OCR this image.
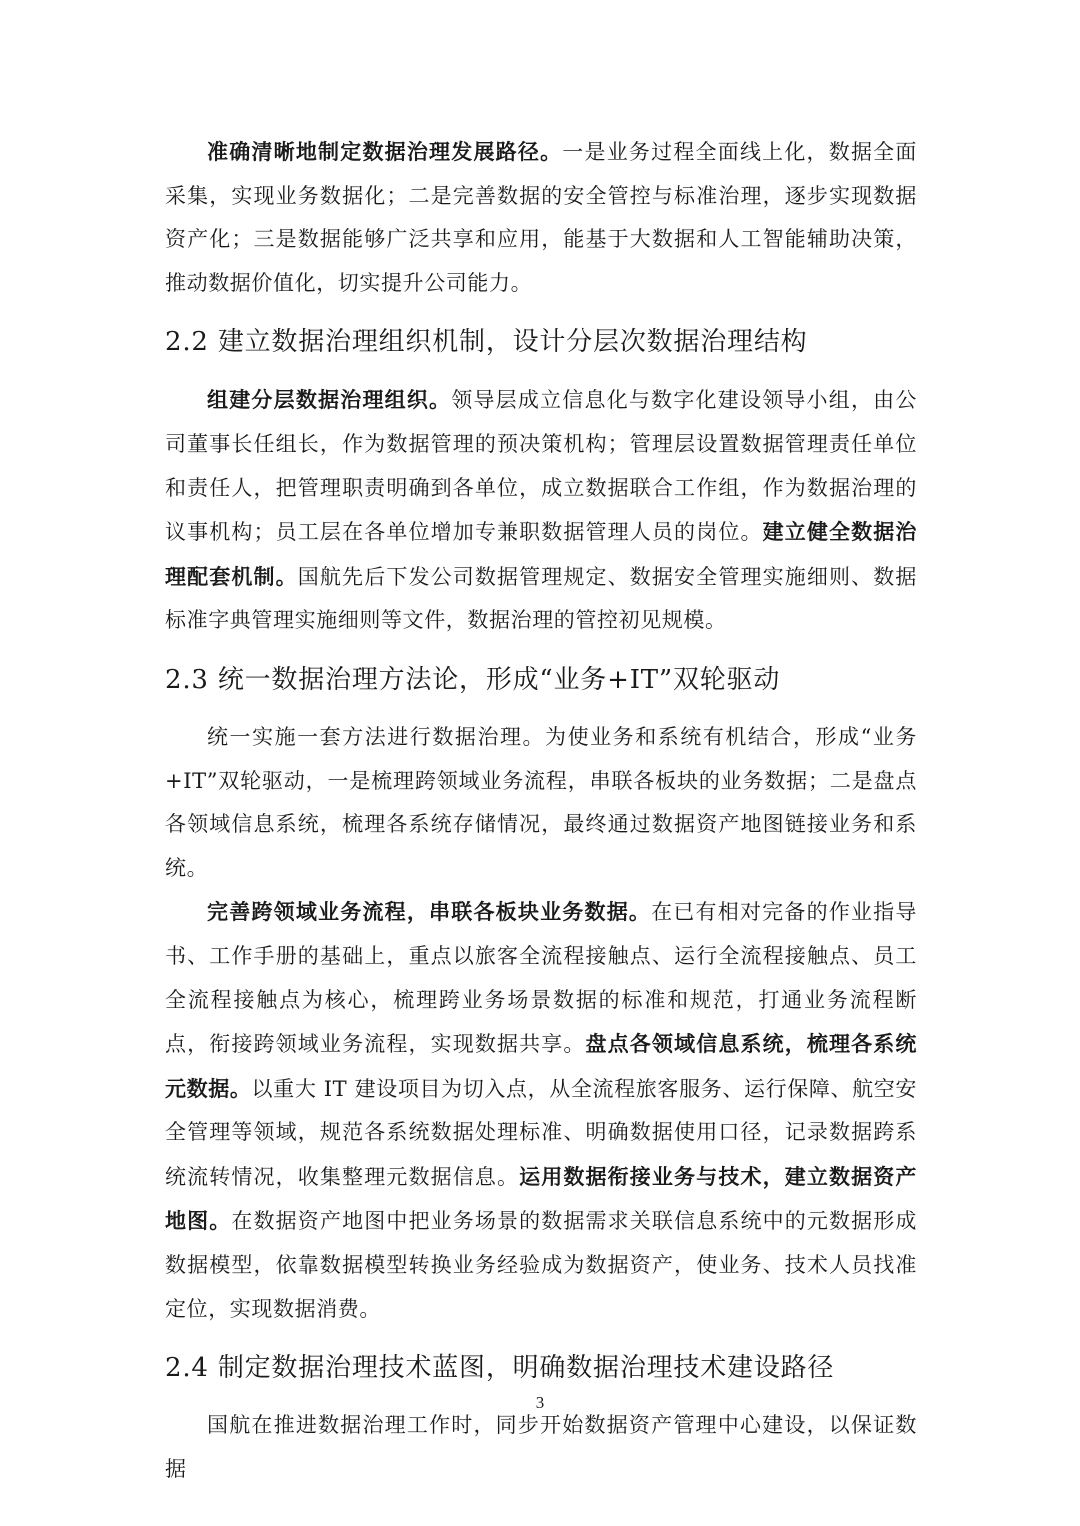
准确清晰地制定数据治理发展路径。一是业务过程全面线上化，数据全面采集，实现业务数据化；二是完善数据的安全管控与标准治理，逐步实现数据资产化；三是数据能够广泛共享和应用，能基于大数据和人工智能辅助决策，推动数据价值化，切实提升公司能力。

2.2 建立数据治理组织机制，设计分层次数据治理结构

组建分层数据治理组织。领导层成立信息化与数字化建设领导小组，由公司董事长任组长，作为数据管理的预决策机构；管理层设置数据管理责任单位和责任人，把管理职责明确到各单位，成立数据联合工作组，作为数据治理的议事机构；员工层在各单位增加专兼职数据管理人员的岗位。建立健全数据治理配套机制。国航先后下发公司数据管理规定、数据安全管理实施细则、数据标准字典管理实施细则等文件，数据治理的管控初见规模。

2.3 统一数据治理方法论，形成“业务+IT”双轮驱动

统一实施一套方法进行数据治理。为使业务和系统有机结合，形成“业务+IT”双轮驱动，一是梳理跨领域业务流程，串联各板块的业务数据；二是盘点各领域信息系统，梳理各系统存储情况，最终通过数据资产地图链接业务和系统。

完善跨领域业务流程，串联各板块业务数据。在已有相对完备的作业指导书、工作手册的基础上，重点以旅客全流程接触点、运行全流程接触点、员工全流程接触点为核心，梳理跨业务场景数据的标准和规范，打通业务流程断点，衔接跨领域业务流程，实现数据共享。盘点各领域信息系统，梳理各系统元数据。以重大 IT 建设项目为切入点，从全流程旅客服务、运行保障、航空安全管理等领域，规范各系统数据处理标准、明确数据使用口径，记录数据跨系统流转情况，收集整理元数据信息。运用数据衔接业务与技术，建立数据资产地图。在数据资产地图中把业务场景的数据需求关联信息系统中的元数据形成数据模型，依靠数据模型转换业务经验成为数据资产，使业务、技术人员找准定位，实现数据消费。

2.4 制定数据治理技术蓝图，明确数据治理技术建设路径

国航在推进数据治理工作时，同步开始数据资产管理中心建设，以保证数据

3
